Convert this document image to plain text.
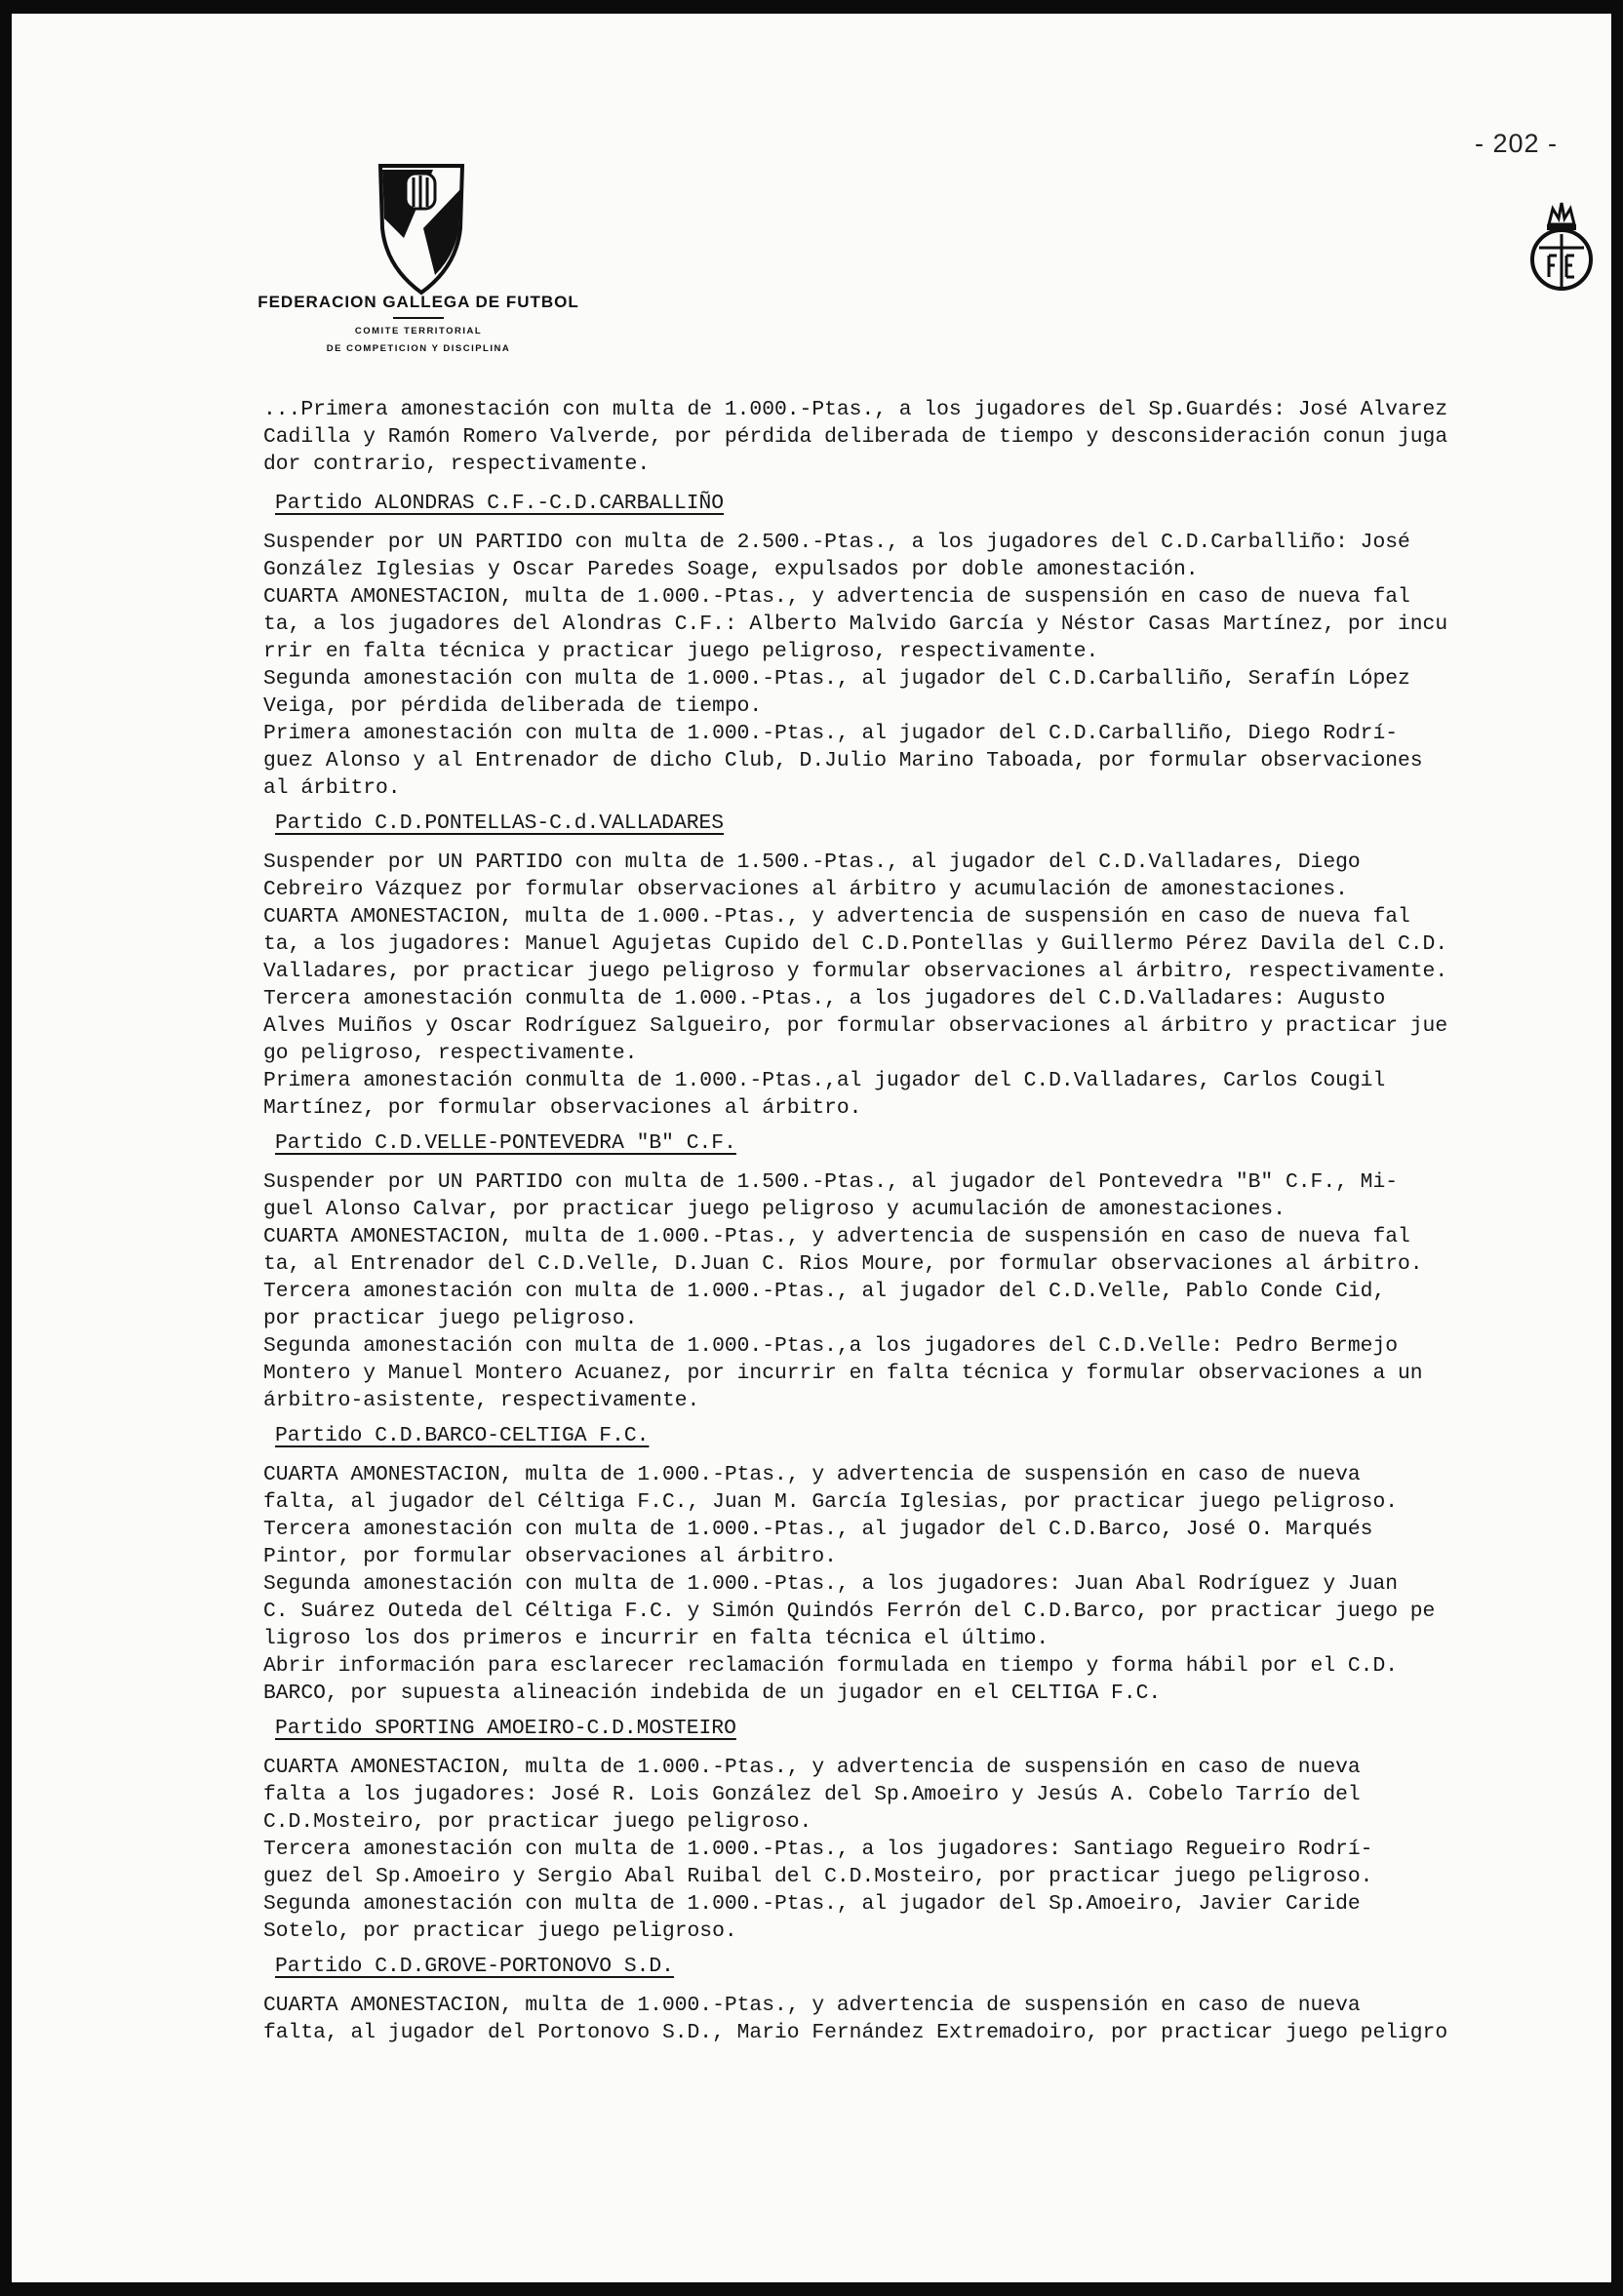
- 202 -
FEDERACION GALLEGA DE FUTBOL
COMITE TERRITORIAL
DE COMPETICION Y DISCIPLINA

...Primera amonestación con multa de 1.000.-Ptas., a los jugadores del Sp.Guardés: José Alvarez
Cadilla y Ramón Romero Valverde, por pérdida deliberada de tiempo y desconsideración conun juga
dor contrario, respectivamente.

Partido ALONDRAS C.F.-C.D.CARBALLIÑO

Suspender por UN PARTIDO con multa de 2.500.-Ptas., a los jugadores del C.D.Carballiño: José
González Iglesias y Oscar Paredes Soage, expulsados por doble amonestación.

CUARTA AMONESTACION, multa de 1.000.-Ptas., y advertencia de suspensión en caso de nueva fal
ta, a los jugadores del Alondras C.F.: Alberto Malvido García y Néstor Casas Martínez, por incu
rrir en falta técnica y practicar juego peligroso, respectivamente.

Segunda amonestación con multa de 1.000.-Ptas., al jugador del C.D.Carballiño, Serafín López
Veiga, por pérdida deliberada de tiempo.

Primera amonestación con multa de 1.000.-Ptas., al jugador del C.D.Carballiño, Diego Rodrí-
guez Alonso y al Entrenador de dicho Club, D.Julio Marino Taboada, por formular observaciones
al árbitro.

Partido C.D.PONTELLAS-C.d.VALLADARES

Suspender por UN PARTIDO con multa de 1.500.-Ptas., al jugador del C.D.Valladares, Diego
Cebreiro Vázquez por formular observaciones al árbitro y acumulación de amonestaciones.

CUARTA AMONESTACION, multa de 1.000.-Ptas., y advertencia de suspensión en caso de nueva fal
ta, a los jugadores: Manuel Agujetas Cupido del C.D.Pontellas y Guillermo Pérez Davila del C.D.
Valladares, por practicar juego peligroso y formular observaciones al árbitro, respectivamente.

Tercera amonestación conmulta de 1.000.-Ptas., a los jugadores del C.D.Valladares: Augusto
Alves Muiños y Oscar Rodríguez Salgueiro, por formular observaciones al árbitro y practicar jue
go peligroso, respectivamente.

Primera amonestación conmulta de 1.000.-Ptas.,al jugador del C.D.Valladares, Carlos Cougil
Martínez, por formular observaciones al árbitro.

Partido C.D.VELLE-PONTEVEDRA "B" C.F.

Suspender por UN PARTIDO con multa de 1.500.-Ptas., al jugador del Pontevedra "B" C.F., Mi-
guel Alonso Calvar, por practicar juego peligroso y acumulación de amonestaciones.

CUARTA AMONESTACION, multa de 1.000.-Ptas., y advertencia de suspensión en caso de nueva fal
ta, al Entrenador del C.D.Velle, D.Juan C. Rios Moure, por formular observaciones al árbitro.

Tercera amonestación con multa de 1.000.-Ptas., al jugador del C.D.Velle, Pablo Conde Cid,
por practicar juego peligroso.

Segunda amonestación con multa de 1.000.-Ptas.,a los jugadores del C.D.Velle: Pedro Bermejo
Montero y Manuel Montero Acuanez, por incurrir en falta técnica y formular observaciones a un
árbitro-asistente, respectivamente.

Partido C.D.BARCO-CELTIGA F.C.

CUARTA AMONESTACION, multa de 1.000.-Ptas., y advertencia de suspensión en caso de nueva
falta, al jugador del Céltiga F.C., Juan M. García Iglesias, por practicar juego peligroso.

Tercera amonestación con multa de 1.000.-Ptas., al jugador del C.D.Barco, José O. Marqués
Pintor, por formular observaciones al árbitro.

Segunda amonestación con multa de 1.000.-Ptas., a los jugadores: Juan Abal Rodríguez y Juan
C. Suárez Outeda del Céltiga F.C. y Simón Quindós Ferrón del C.D.Barco, por practicar juego pe
ligroso los dos primeros e incurrir en falta técnica el último.

Abrir información para esclarecer reclamación formulada en tiempo y forma hábil por el C.D.
BARCO, por supuesta alineación indebida de un jugador en el CELTIGA F.C.

Partido SPORTING AMOEIRO-C.D.MOSTEIRO

CUARTA AMONESTACION, multa de 1.000.-Ptas., y advertencia de suspensión en caso de nueva
falta a los jugadores: José R. Lois González del Sp.Amoeiro y Jesús A. Cobelo Tarrío del
C.D.Mosteiro, por practicar juego peligroso.

Tercera amonestación con multa de 1.000.-Ptas., a los jugadores: Santiago Regueiro Rodrí-
guez del Sp.Amoeiro y Sergio Abal Ruibal del C.D.Mosteiro, por practicar juego peligroso.

Segunda amonestación con multa de 1.000.-Ptas., al jugador del Sp.Amoeiro, Javier Caride
Sotelo, por practicar juego peligroso.

Partido C.D.GROVE-PORTONOVO S.D.

CUARTA AMONESTACION, multa de 1.000.-Ptas., y advertencia de suspensión en caso de nueva
falta, al jugador del Portonovo S.D., Mario Fernández Extremadoiro, por practicar juego peligro
